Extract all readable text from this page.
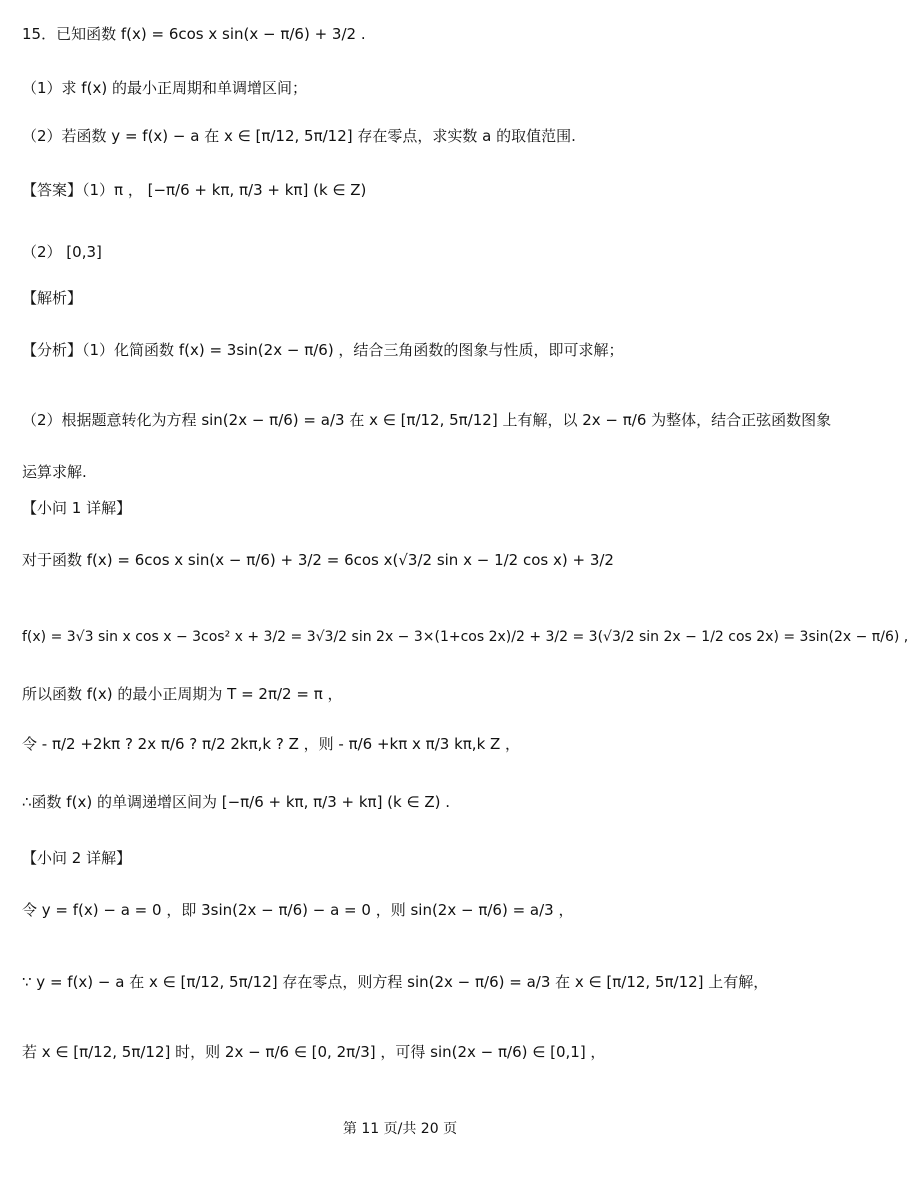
15．已知函数 f(x) = 6cos x sin(x − π/6) + 3/2 .
（1）求 f(x) 的最小正周期和单调增区间；
（2）若函数 y = f(x) − a 在 x ∈ [π/12, 5π/12] 存在零点，求实数 a 的取值范围.
【答案】（1）π ， [−π/6 + kπ, π/3 + kπ] (k ∈ Z)
（2） [0,3]
【解析】
【分析】（1）化简函数 f(x) = 3sin(2x − π/6) ，结合三角函数的图象与性质，即可求解；
（2）根据题意转化为方程 sin(2x − π/6) = a/3 在 x ∈ [π/12, 5π/12] 上有解，以 2x − π/6 为整体，结合正弦函数图象
运算求解.
【小问 1 详解】
对于函数 f(x) = 6cos x sin(x − π/6) + 3/2 = 6cos x(√3/2 sin x − 1/2 cos x) + 3/2
f(x) = 3√3 sin x cos x − 3cos² x + 3/2 = 3√3/2 sin 2x − 3×(1+cos 2x)/2 + 3/2 = 3(√3/2 sin 2x − 1/2 cos 2x) = 3sin(2x − π/6) ,
所以函数 f(x) 的最小正周期为 T = 2π/2 = π ，
令 - π/2 +2kπ ? 2x π/6 ? π/2 2kπ,k ? Z ，则 - π/6 +kπ x π/3 kπ,k Z ，
∴函数 f(x) 的单调递增区间为 [−π/6 + kπ, π/3 + kπ] (k ∈ Z) .
【小问 2 详解】
令 y = f(x) − a = 0 ，即 3sin(2x − π/6) − a = 0 ，则 sin(2x − π/6) = a/3 ，
∵ y = f(x) − a 在 x ∈ [π/12, 5π/12] 存在零点，则方程 sin(2x − π/6) = a/3 在 x ∈ [π/12, 5π/12] 上有解，
若 x ∈ [π/12, 5π/12] 时，则 2x − π/6 ∈ [0, 2π/3] ，可得 sin(2x − π/6) ∈ [0,1] ，
第 11 页/共 20 页
